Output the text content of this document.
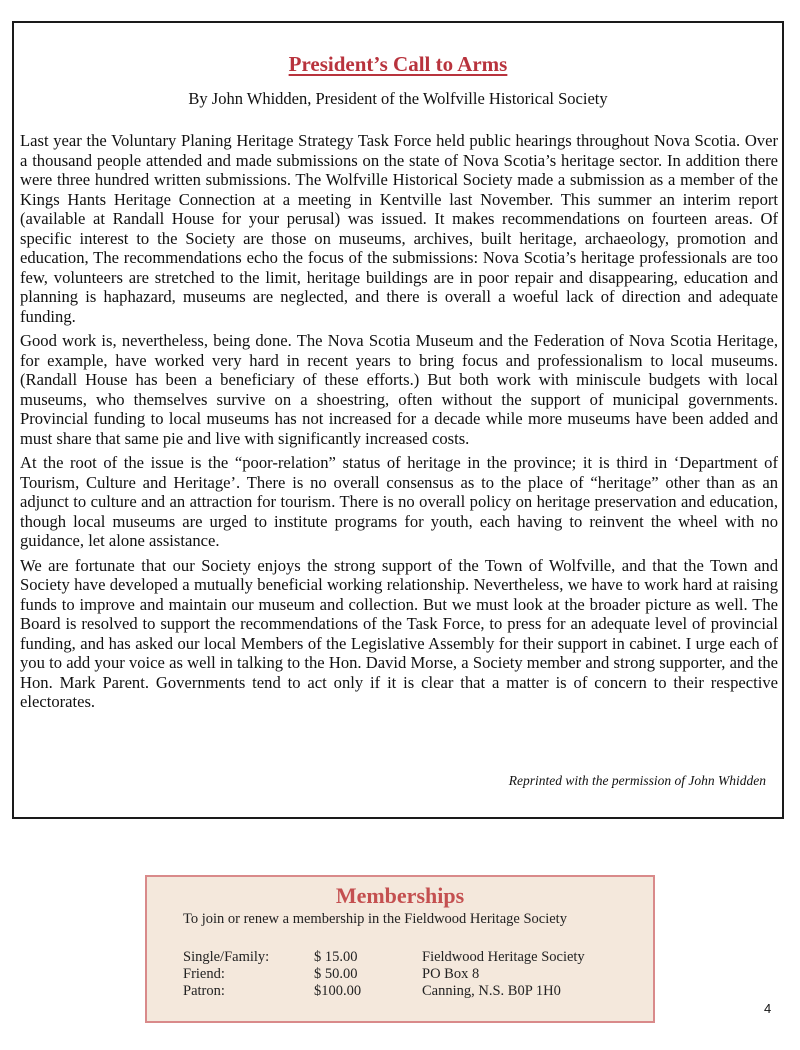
President’s Call to Arms

By John Whidden, President of the Wolfville Historical Society

Last year the Voluntary Planing Heritage Strategy Task Force held public hearings throughout Nova Scotia. Over a thousand people attended and made submissions on the state of Nova Scotia’s heritage sector. In addition there were three hundred written submissions. The Wolfville Historical Society made a submission as a member of the Kings Hants Heritage Connection at a meeting in Kentville last November. This summer an interim report (available at Randall House for your perusal) was issued. It makes recommendations on fourteen areas. Of specific interest to the Society are those on museums, archives, built heritage, archaeology, promotion and education, The recommendations echo the focus of the submissions: Nova Scotia’s heritage professionals are too few, volunteers are stretched to the limit, heritage buildings are in poor repair and disappearing, education and planning is haphazard, museums are neglected, and there is overall a woeful lack of direction and adequate funding.

Good work is, nevertheless, being done. The Nova Scotia Museum and the Federation of Nova Scotia Heritage, for example, have worked very hard in recent years to bring focus and professionalism to local museums. (Randall House has been a beneficiary of these efforts.) But both work with miniscule budgets with local museums, who themselves survive on a shoestring, often without the support of municipal governments. Provincial funding to local museums has not increased for a decade while more museums have been added and must share that same pie and live with significantly increased costs.

At the root of the issue is the “poor-relation” status of heritage in the province; it is third in ‘Department of Tourism, Culture and Heritage’. There is no overall consensus as to the place of “heritage” other than as an adjunct to culture and an attraction for tourism. There is no overall policy on heritage preservation and education, though local museums are urged to institute programs for youth, each having to reinvent the wheel with no guidance, let alone assistance.

We are fortunate that our Society enjoys the strong support of the Town of Wolfville, and that the Town and Society have developed a mutually beneficial working relationship. Nevertheless, we have to work hard at raising funds to improve and maintain our museum and collection. But we must look at the broader picture as well. The Board is resolved to support the recommendations of the Task Force, to press for an adequate level of provincial funding, and has asked our local Members of the Legislative Assembly for their support in cabinet. I urge each of you to add your voice as well in talking to the Hon. David Morse, a Society member and strong supporter, and the Hon. Mark Parent. Governments tend to act only if it is clear that a matter is of concern to their respective electorates.

Reprinted with the permission of John Whidden

Memberships

To join or renew a membership in the Fieldwood Heritage Society

Single/Family:	$ 15.00	Fieldwood Heritage Society
Friend:	$ 50.00	PO Box 8
Patron:	$100.00	Canning, N.S. B0P 1H0

4
